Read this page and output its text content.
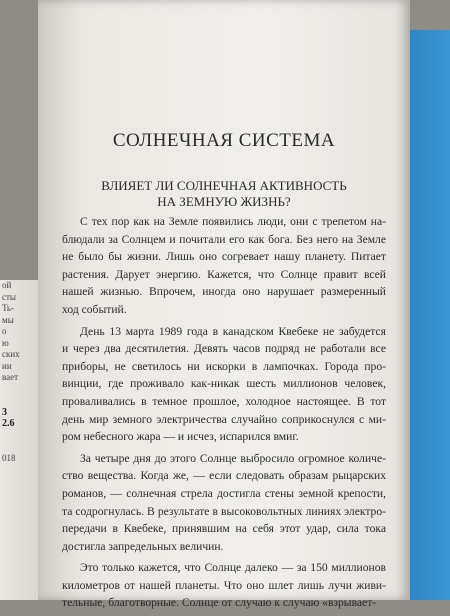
ой
сты
Ть-
мы
о
ю
ских
ии
вает

3
2.6

018
СОЛНЕЧНАЯ СИСТЕМА
ВЛИЯЕТ ЛИ СОЛНЕЧНАЯ АКТИВНОСТЬ
НА ЗЕМНУЮ ЖИЗНЬ?
С тех пор как на Земле появились люди, они с трепетом на-
блюдали за Солнцем и почитали его как бога. Без него на Земле
не было бы жизни. Лишь оно согревает нашу планету. Питает
растения. Дарует энергию. Кажется, что Солнце правит всей
нашей жизнью. Впрочем, иногда оно нарушает размеренный
ход событий.
День 13 марта 1989 года в канадском Квебеке не забудется
и через два десятилетия. Девять часов подряд не работали все
приборы, не светилось ни искорки в лампочках. Города про-
винции, где проживало как-никак шесть миллионов человек,
проваливались в темное прошлое, холодное настоящее. В тот
день мир земного электричества случайно соприкоснулся с ми-
ром небесного жара — и исчез, испарился вмиг.
За четыре дня до этого Солнце выбросило огромное количе-
ство вещества. Когда же, — если следовать образам рыцарских
романов, — солнечная стрела достигла стены земной крепости,
та содрогнулась. В результате в высоковольтных линиях электро-
передачи в Квебеке, принявшим на себя этот удар, сила тока
достигла запредельных величин.
Это только кажется, что Солнце далеко — за 150 миллионов
километров от нашей планеты. Что оно шлет лишь лучи живи-
тельные, благотворные. Солнце от случаю к случаю «взрывает-
